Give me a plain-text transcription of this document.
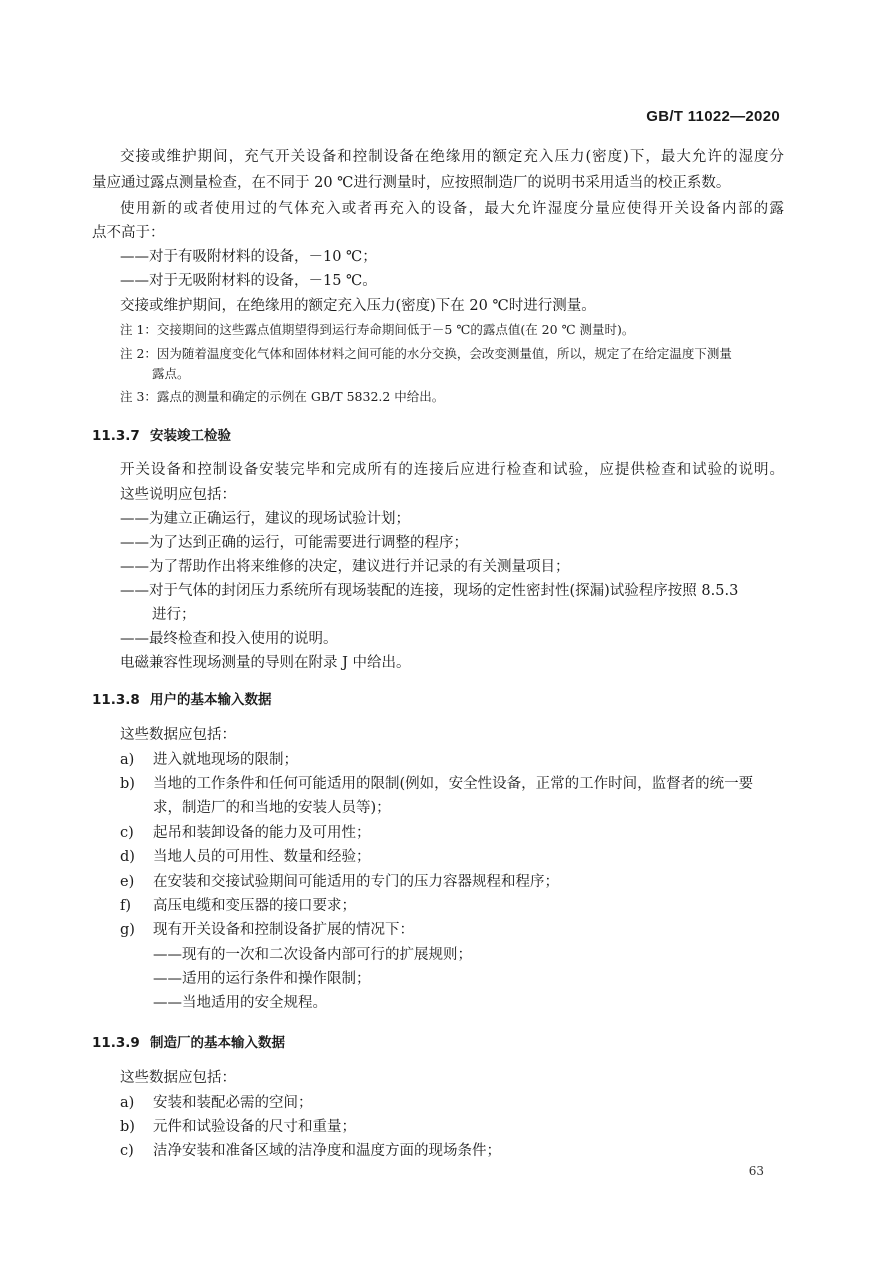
GB/T 11022—2020
交接或维护期间，充气开关设备和控制设备在绝缘用的额定充入压力(密度)下，最大允许的湿度分
量应通过露点测量检查，在不同于 20 ℃进行测量时，应按照制造厂的说明书采用适当的校正系数。
使用新的或者使用过的气体充入或者再充入的设备，最大允许湿度分量应使得开关设备内部的露
点不高于：
——对于有吸附材料的设备，－10 ℃；
——对于无吸附材料的设备，－15 ℃。
交接或维护期间，在绝缘用的额定充入压力(密度)下在 20 ℃时进行测量。
注 1：交接期间的这些露点值期望得到运行寿命期间低于－5 ℃的露点值(在 20 ℃ 测量时)。
注 2：因为随着温度变化气体和固体材料之间可能的水分交换，会改变测量值，所以，规定了在给定温度下测量
露点。
注 3：露点的测量和确定的示例在 GB/T 5832.2 中给出。
11.3.7 安装竣工检验
开关设备和控制设备安装完毕和完成所有的连接后应进行检查和试验，应提供检查和试验的说明。
这些说明应包括：
——为建立正确运行，建议的现场试验计划；
——为了达到正确的运行，可能需要进行调整的程序；
——为了帮助作出将来维修的决定，建议进行并记录的有关测量项目；
——对于气体的封闭压力系统所有现场装配的连接，现场的定性密封性(探漏)试验程序按照 8.5.3
进行；
——最终检查和投入使用的说明。
电磁兼容性现场测量的导则在附录 J 中给出。
11.3.8 用户的基本输入数据
这些数据应包括：
a) 进入就地现场的限制；
b) 当地的工作条件和任何可能适用的限制(例如，安全性设备，正常的工作时间，监督者的统一要
求，制造厂的和当地的安装人员等)；
c) 起吊和装卸设备的能力及可用性；
d) 当地人员的可用性、数量和经验；
e) 在安装和交接试验期间可能适用的专门的压力容器规程和程序；
f) 高压电缆和变压器的接口要求；
g) 现有开关设备和控制设备扩展的情况下：
——现有的一次和二次设备内部可行的扩展规则；
——适用的运行条件和操作限制；
——当地适用的安全规程。
11.3.9 制造厂的基本输入数据
这些数据应包括：
a) 安装和装配必需的空间；
b) 元件和试验设备的尺寸和重量；
c) 洁净安装和准备区域的洁净度和温度方面的现场条件；
63
